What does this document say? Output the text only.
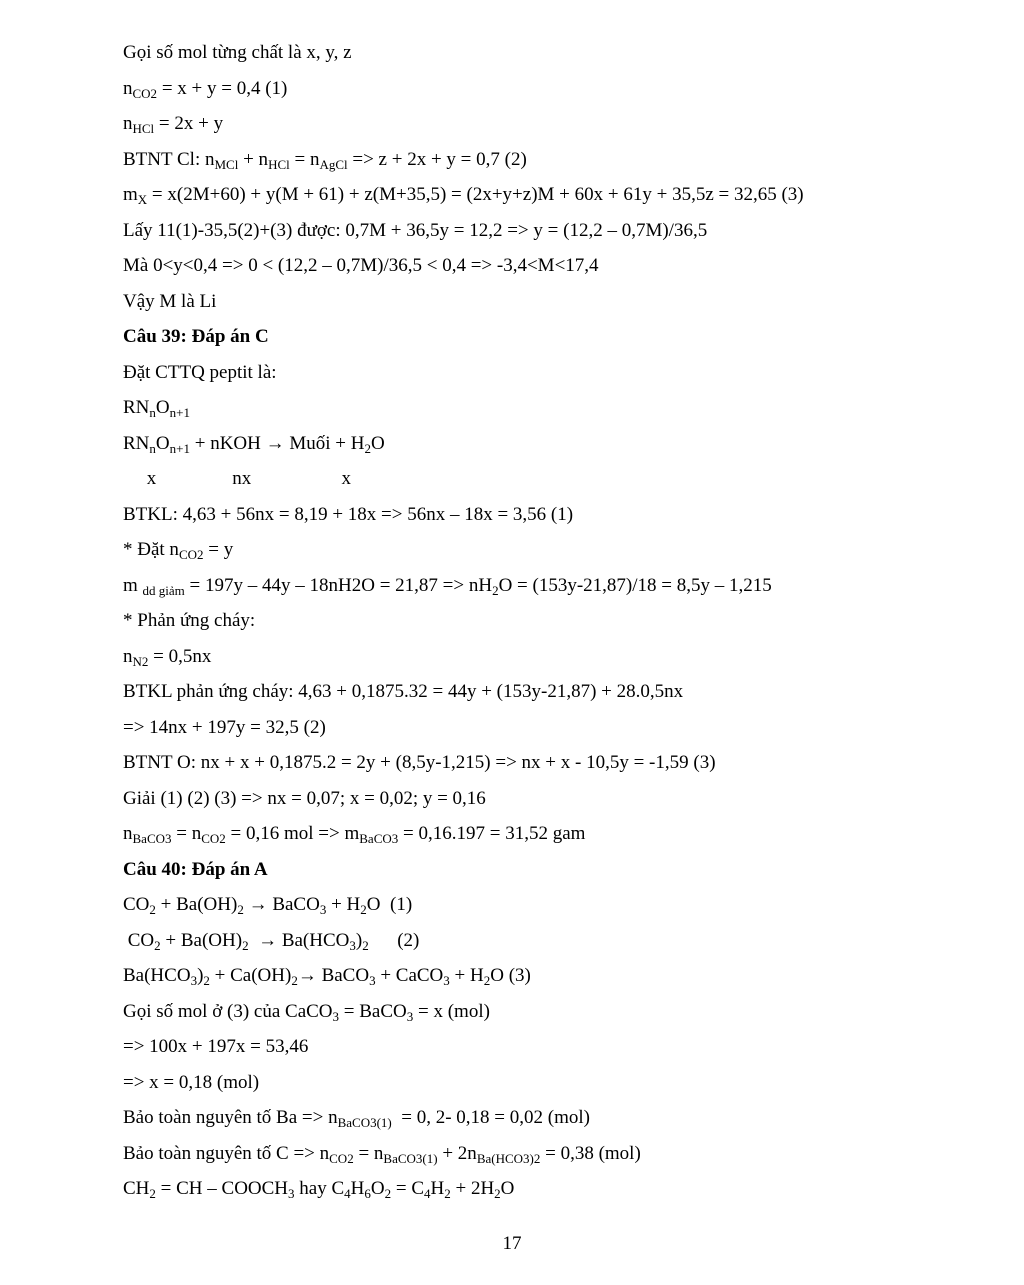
Gọi số mol từng chất là x, y, z
$n_{CO2} = x + y = 0,4$ (1)
$n_{HCl} = 2x + y$
BTNT Cl: $n_{MCl} + n_{HCl} = n_{AgCl} => z + 2x + y = 0,7$ (2)
$m_X = x(2M+60) + y(M + 61) + z(M+35,5) = (2x+y+z)M + 60x + 61y + 35,5z = 32,65$ (3)
Lấy 11(1)-35,5(2)+(3) được: 0,7M + 36,5y = 12,2 => y = (12,2 – 0,7M)/36,5
Mà 0<y<0,4 => 0 < (12,2 – 0,7M)/36,5 < 0,4 => -3,4<M<17,4
Vậy M là Li
Câu 39: Đáp án C
Đặt CTTQ peptit là:
$RN_nO_{n+1}$
$RN_nO_{n+1}$ + nKOH → Muối + $H_2O$
x                nx                   x
BTKL: 4,63 + 56nx = 8,19 + 18x => 56nx – 18x = 3,56 (1)
* Đặt $n_{CO2} = y$
m $_{dd giảm} = 197y - 44y - 18nH2O = 21,87 => nH_2O = (153y-21,87)/18 = 8,5y - 1,215$
* Phản ứng cháy:
$n_{N2} = 0,5nx$
BTKL phản ứng cháy: 4,63 + 0,1875.32 = 44y + (153y-21,87) + 28.0,5nx
=> 14nx + 197y = 32,5 (2)
BTNT O: nx + x + 0,1875.2 = 2y + (8,5y-1,215) => nx + x - 10,5y = -1,59 (3)
Giải (1) (2) (3) => nx = 0,07; x = 0,02; y = 0,16
$n_{BaCO3} = n_{CO2} = 0,16$ mol => $m_{BaCO3} = 0,16.197 = 31,52$ gam
Câu 40: Đáp án A
$CO_2 + Ba(OH)_2$ → BaCO$_3$ + $H_2O$  (1)
$CO_2 + Ba(OH)_2 \to Ba(HCO_3)_2$      (2)
$Ba(HCO_3)_2 + Ca(OH)_2\to$ BaCO$_3$ + CaCO$_3$ + $H_2O$ (3)
Gọi số mol ở (3) của CaCO$_3$ = BaCO$_3$ = x (mol)
=> 100x + 197x = 53,46
=> x = 0,18 (mol)
Bảo toàn nguyên tố $Ba => n_{BaCO3(1)} = 0$, 2- 0,18 = 0,02 (mol)
Bảo toàn nguyên tố $C => n_{CO2} = n_{BaCO3(1)} + 2n_{Ba(HCO3)2} = 0,38$ (mol)
$CH_2$ = CH – $COOCH_3$ hay $C_4H_6O_2 = C_4H_2 + 2H_2O$
17
